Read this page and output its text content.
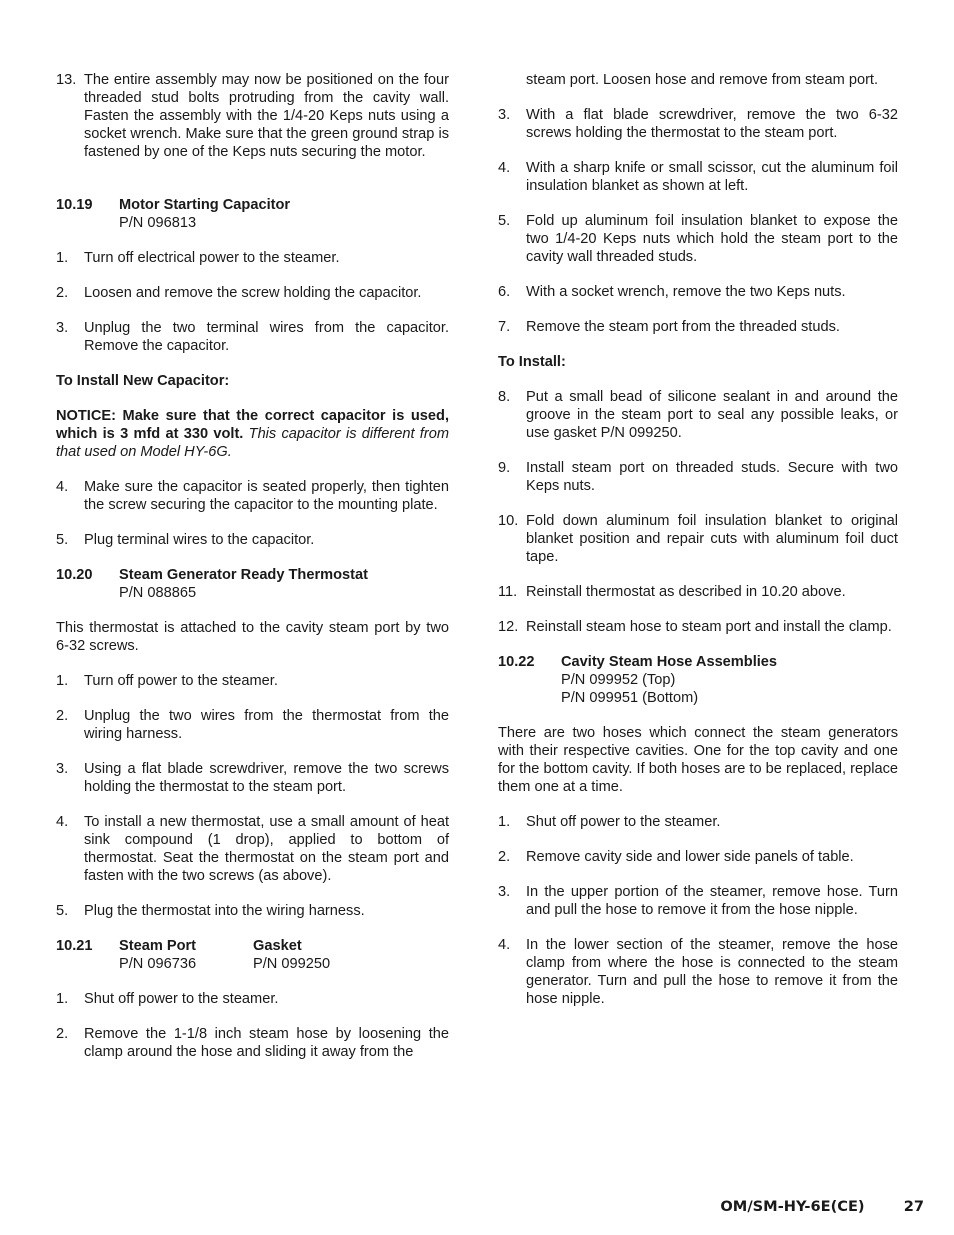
13. The entire assembly may now be positioned on the four threaded stud bolts protruding from the cavity wall. Fasten the assembly with the 1/4-20 Keps nuts using a socket wrench. Make sure that the green ground strap is fastened by one of the Keps nuts securing the motor.
10.19	Motor Starting Capacitor
P/N 096813
1. Turn off electrical power to the steamer.
2. Loosen and remove the screw holding the capacitor.
3. Unplug the two terminal wires from the capacitor. Remove the capacitor.

To Install New Capacitor:

NOTICE: Make sure that the correct capacitor is used, which is 3 mfd at 330 volt. This capacitor is different from that used on Model HY-6G.

4. Make sure the capacitor is seated properly, then tighten the screw securing the capacitor to the mounting plate.
5. Plug terminal wires to the capacitor.
10.20	Steam Generator Ready Thermostat
P/N 088865

This thermostat is attached to the cavity steam port by two 6-32 screws.

1. Turn off power to the steamer.
2. Unplug the two wires from the thermostat from the wiring harness.
3. Using a flat blade screwdriver, remove the two screws holding the thermostat to the steam port.
4. To install a new thermostat, use a small amount of heat sink compound (1 drop), applied to bottom of thermostat. Seat the thermostat on the steam port and fasten with the two screws (as above).
5. Plug the thermostat into the wiring harness.
10.21	Steam Port	Gasket
P/N 096736	P/N 099250
1. Shut off power to the steamer.
2. Remove the 1-1/8 inch steam hose by loosening the clamp around the hose and sliding it away from the

steam port. Loosen hose and remove from steam port.

3. With a flat blade screwdriver, remove the two 6-32 screws holding the thermostat to the steam port.
4. With a sharp knife or small scissor, cut the aluminum foil insulation blanket as shown at left.
5. Fold up aluminum foil insulation blanket to expose the two 1/4-20 Keps nuts which hold the steam port to the cavity wall threaded studs.
6. With a socket wrench, remove the two Keps nuts.
7. Remove the steam port from the threaded studs.

To Install:

8. Put a small bead of silicone sealant in and around the groove in the steam port to seal any possible leaks, or use gasket P/N 099250.
9. Install steam port on threaded studs. Secure with two Keps nuts.
10. Fold down aluminum foil insulation blanket to original blanket position and repair cuts with aluminum foil duct tape.
11. Reinstall thermostat as described in 10.20 above.
12. Reinstall steam hose to steam port and install the clamp.
10.22	Cavity Steam Hose Assemblies
P/N 099952 (Top)
P/N 099951 (Bottom)

There are two hoses which connect the steam generators with their respective cavities. One for the top cavity and one for the bottom cavity. If both hoses are to be replaced, replace them one at a time.

1. Shut off power to the steamer.
2. Remove cavity side and lower side panels of table.
3. In the upper portion of the steamer, remove hose. Turn and pull the hose to remove it from the hose nipple.
4. In the lower section of the steamer, remove the hose clamp from where the hose is connected to the steam generator. Turn and pull the hose to remove it from the hose nipple.
OM/SM-HY-6E(CE)	27
